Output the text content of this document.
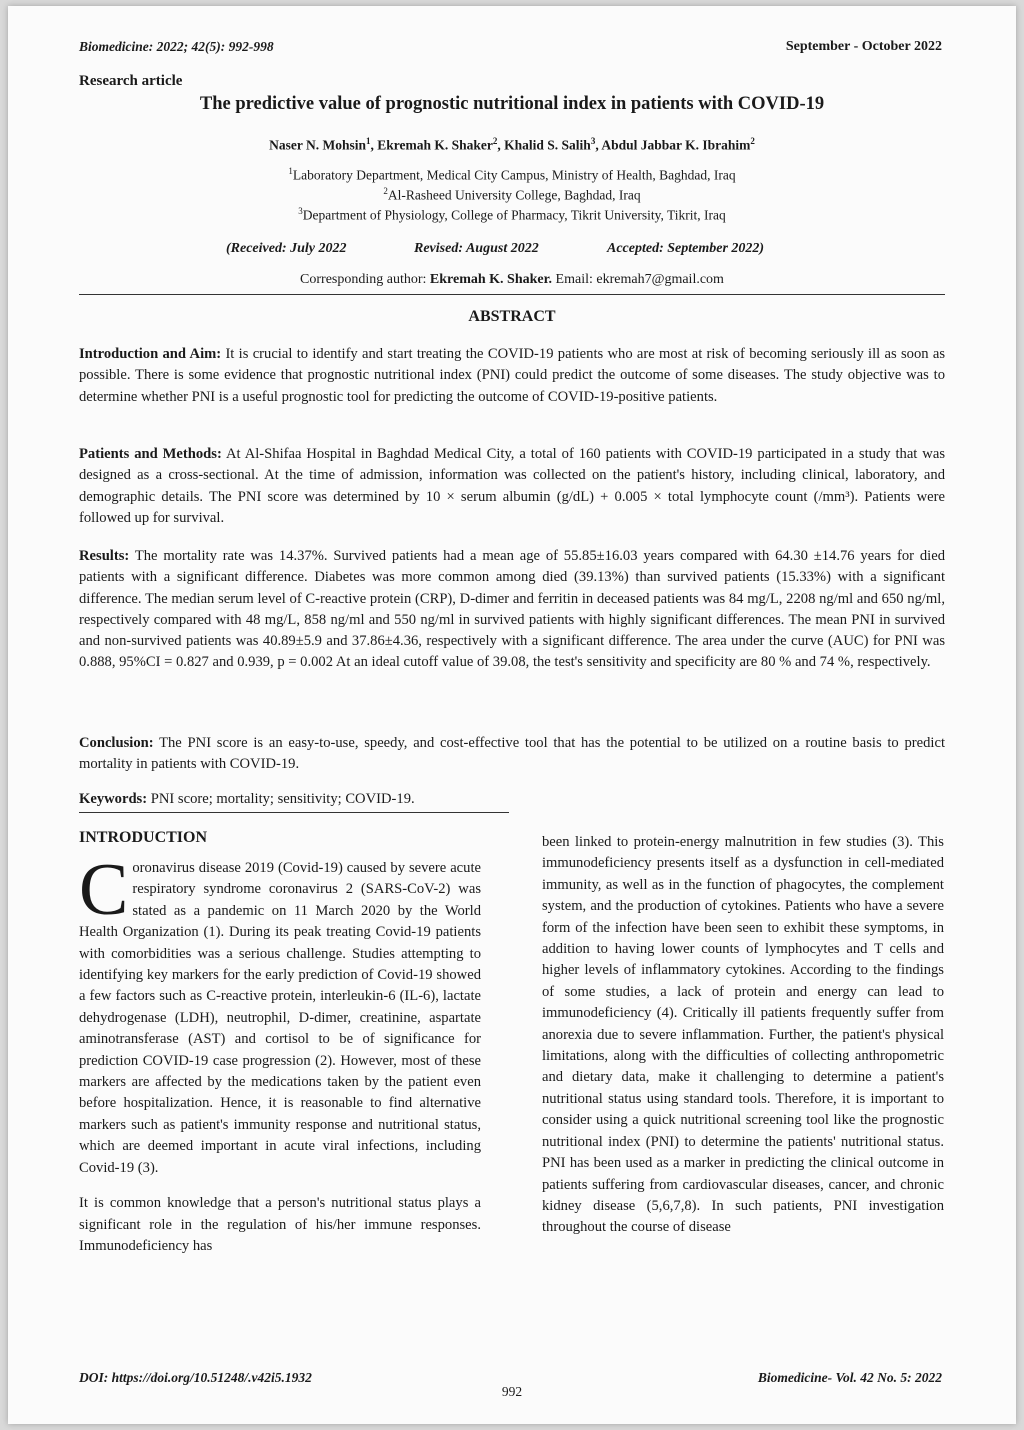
Biomedicine: 2022; 42(5): 992-998	September - October 2022
Research article
The predictive value of prognostic nutritional index in patients with COVID-19
Naser N. Mohsin$^1$, Ekremah K. Shaker$^2$, Khalid S. Salih$^3$, Abdul Jabbar K. Ibrahim$^2$
$^1$Laboratory Department, Medical City Campus, Ministry of Health, Baghdad, Iraq
$^2$Al-Rasheed University College, Baghdad, Iraq
$^3$Department of Physiology, College of Pharmacy, Tikrit University, Tikrit, Iraq
(Received: July 2022	Revised: August 2022	Accepted: September 2022)
Corresponding author: Ekremah K. Shaker. Email: ekremah7@gmail.com
ABSTRACT
Introduction and Aim: It is crucial to identify and start treating the COVID-19 patients who are most at risk of becoming seriously ill as soon as possible. There is some evidence that prognostic nutritional index (PNI) could predict the outcome of some diseases. The study objective was to determine whether PNI is a useful prognostic tool for predicting the outcome of COVID-19-positive patients.
Patients and Methods: At Al-Shifaa Hospital in Baghdad Medical City, a total of 160 patients with COVID-19 participated in a study that was designed as a cross-sectional. At the time of admission, information was collected on the patient's history, including clinical, laboratory, and demographic details. The PNI score was determined by 10 × serum albumin (g/dL) + 0.005 × total lymphocyte count (/mm³). Patients were followed up for survival.
Results: The mortality rate was 14.37%. Survived patients had a mean age of 55.85±16.03 years compared with 64.30 ±14.76 years for died patients with a significant difference. Diabetes was more common among died (39.13%) than survived patients (15.33%) with a significant difference. The median serum level of C-reactive protein (CRP), D-dimer and ferritin in deceased patients was 84 mg/L, 2208 ng/ml and 650 ng/ml, respectively compared with 48 mg/L, 858 ng/ml and 550 ng/ml in survived patients with highly significant differences. The mean PNI in survived and non-survived patients was 40.89±5.9 and 37.86±4.36, respectively with a significant difference. The area under the curve (AUC) for PNI was 0.888, 95%CI = 0.827 and 0.939, p = 0.002 At an ideal cutoff value of 39.08, the test's sensitivity and specificity are 80 % and 74 %, respectively.
Conclusion: The PNI score is an easy-to-use, speedy, and cost-effective tool that has the potential to be utilized on a routine basis to predict mortality in patients with COVID-19.
Keywords: PNI score; mortality; sensitivity; COVID-19.
INTRODUCTION

Coronavirus disease 2019 (Covid-19) caused by severe acute respiratory syndrome coronavirus 2 (SARS-CoV-2) was stated as a pandemic on 11 March 2020 by the World Health Organization (1). During its peak treating Covid-19 patients with comorbidities was a serious challenge. Studies attempting to identifying key markers for the early prediction of Covid-19 showed a few factors such as C-reactive protein, interleukin-6 (IL-6), lactate dehydrogenase (LDH), neutrophil, D-dimer, creatinine, aspartate aminotransferase (AST) and cortisol to be of significance for prediction COVID-19 case progression (2). However, most of these markers are affected by the medications taken by the patient even before hospitalization. Hence, it is reasonable to find alternative markers such as patient's immunity response and nutritional status, which are deemed important in acute viral infections, including Covid-19 (3).

It is common knowledge that a person's nutritional status plays a significant role in the regulation of his/her immune responses. Immunodeficiency has

been linked to protein-energy malnutrition in few studies (3). This immunodeficiency presents itself as a dysfunction in cell-mediated immunity, as well as in the function of phagocytes, the complement system, and the production of cytokines. Patients who have a severe form of the infection have been seen to exhibit these symptoms, in addition to having lower counts of lymphocytes and T cells and higher levels of inflammatory cytokines. According to the findings of some studies, a lack of protein and energy can lead to immunodeficiency (4). Critically ill patients frequently suffer from anorexia due to severe inflammation. Further, the patient's physical limitations, along with the difficulties of collecting anthropometric and dietary data, make it challenging to determine a patient's nutritional status using standard tools. Therefore, it is important to consider using a quick nutritional screening tool like the prognostic nutritional index (PNI) to determine the patients' nutritional status. PNI has been used as a marker in predicting the clinical outcome in patients suffering from cardiovascular diseases, cancer, and chronic kidney disease (5,6,7,8). In such patients, PNI investigation throughout the course of disease

DOI: https://doi.org/10.51248/.v42i5.1932	Biomedicine- Vol. 42 No. 5: 2022
992
